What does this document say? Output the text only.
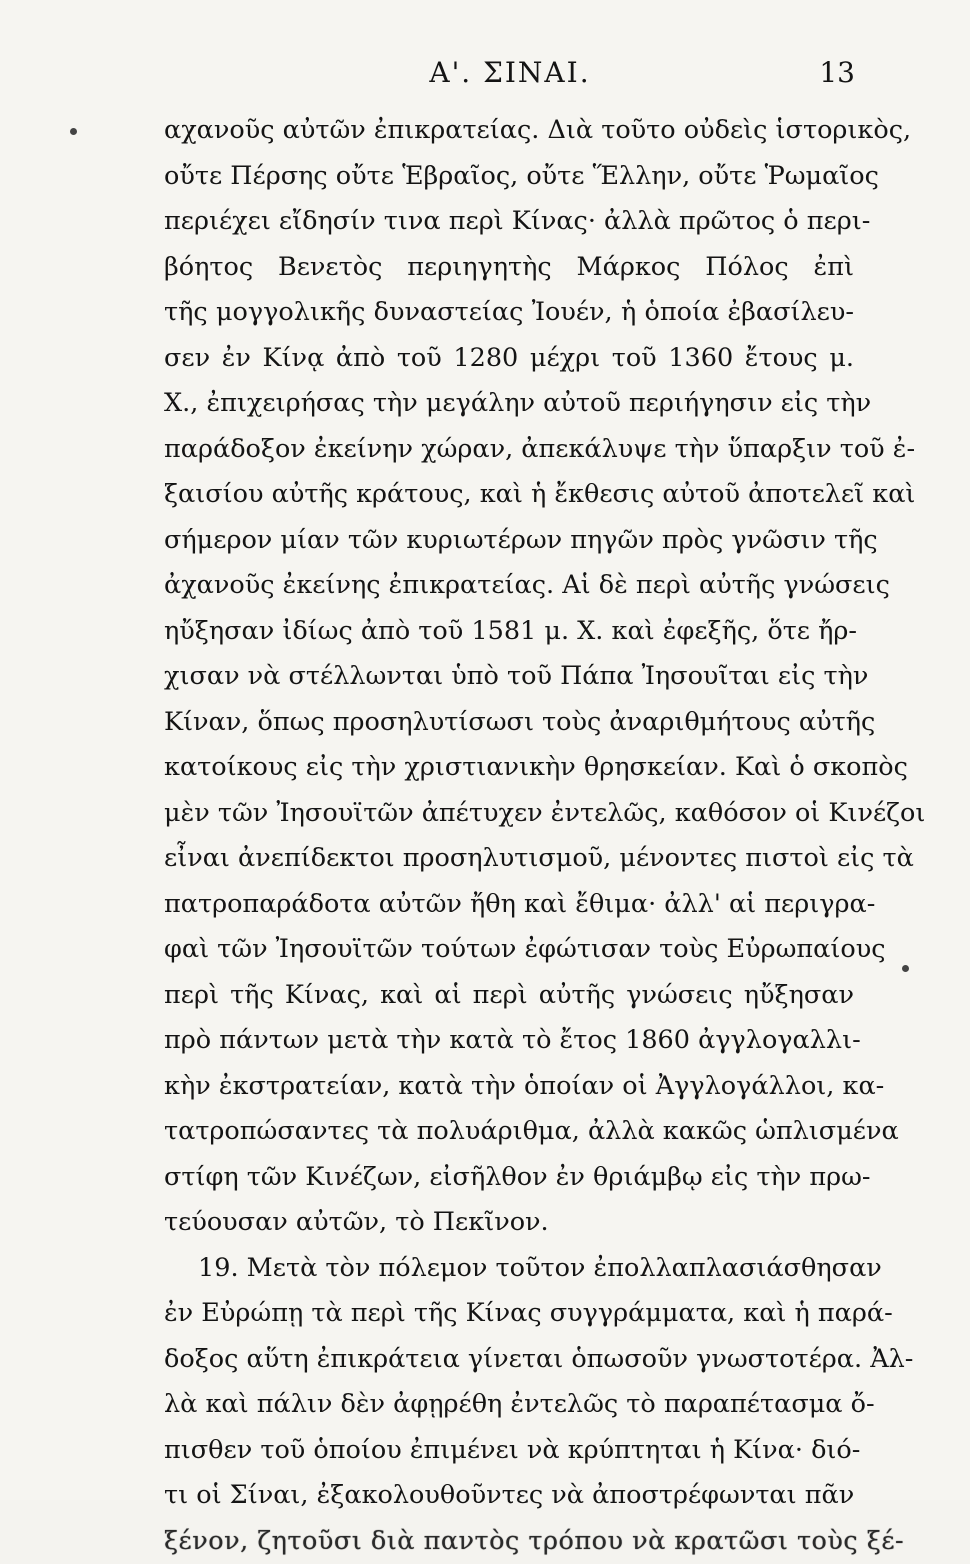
Α'. ΣΙΝΑΙ.	13
αχανοῦς αὐτῶν ἐπικρατείας. Διὰ τοῦτο οὐδεὶς ἱστορικὸς,
οὔτε Πέρσης οὔτε Ἑβραῖος, οὔτε Ἕλλην, οὔτε Ῥωμαῖος
περιέχει εἴδησίν τινα περὶ Κίνας· ἀλλὰ πρῶτος ὁ περι-
βόητος Βενετὸς περιηγητὴς Μάρκος Πόλος ἐπὶ
τῆς μογγολικῆς δυναστείας Ἰουέν, ἡ ὁποία ἐβασίλευ-
σεν ἐν Κίνᾳ ἀπὸ τοῦ 1280 μέχρι τοῦ 1360 ἔτους μ.
Χ., ἐπιχειρήσας τὴν μεγάλην αὐτοῦ περιήγησιν εἰς τὴν
παράδοξον ἐκείνην χώραν, ἀπεκάλυψε τὴν ὕπαρξιν τοῦ ἐ-
ξαισίου αὐτῆς κράτους, καὶ ἡ ἔκθεσις αὐτοῦ ἀποτελεῖ καὶ
σήμερον μίαν τῶν κυριωτέρων πηγῶν πρὸς γνῶσιν τῆς
ἀχανοῦς ἐκείνης ἐπικρατείας. Αἱ δὲ περὶ αὐτῆς γνώσεις
ηὔξησαν ἰδίως ἀπὸ τοῦ 1581 μ. Χ. καὶ ἐφεξῆς, ὅτε ἤρ-
χισαν νὰ στέλλωνται ὑπὸ τοῦ Πάπα Ἰησουῖται εἰς τὴν
Κίναν, ὅπως προσηλυτίσωσι τοὺς ἀναριθμήτους αὐτῆς
κατοίκους εἰς τὴν χριστιανικὴν θρησκείαν. Καὶ ὁ σκοπὸς
μὲν τῶν Ἰησουϊτῶν ἀπέτυχεν ἐντελῶς, καθόσον οἱ Κινέζοι
εἶναι ἀνεπίδεκτοι προσηλυτισμοῦ, μένοντες πιστοὶ εἰς τὰ
πατροπαράδοτα αὐτῶν ἤθη καὶ ἔθιμα· ἀλλ' αἱ περιγρα-
φαὶ τῶν Ἰησουϊτῶν τούτων ἐφώτισαν τοὺς Εὐρωπαίους
περὶ τῆς Κίνας, καὶ αἱ περὶ αὐτῆς γνώσεις ηὔξησαν
πρὸ πάντων μετὰ τὴν κατὰ τὸ ἔτος 1860 ἀγγλογαλλι-
κὴν ἐκστρατείαν, κατὰ τὴν ὁποίαν οἱ Ἀγγλογάλλοι, κα-
τατροπώσαντες τὰ πολυάριθμα, ἀλλὰ κακῶς ὡπλισμένα
στίφη τῶν Κινέζων, εἰσῆλθον ἐν θριάμβῳ εἰς τὴν πρω-
τεύουσαν αὐτῶν, τὸ Πεκῖνον.
19. Μετὰ τὸν πόλεμον τοῦτον ἐπολλαπλασιάσθησαν
ἐν Εὐρώπῃ τὰ περὶ τῆς Κίνας συγγράμματα, καὶ ἡ παρά-
δοξος αὕτη ἐπικράτεια γίνεται ὁπωσοῦν γνωστοτέρα. Ἀλ-
λὰ καὶ πάλιν δὲν ἀφῃρέθη ἐντελῶς τὸ παραπέτασμα ὄ-
πισθεν τοῦ ὁποίου ἐπιμένει νὰ κρύπτηται ἡ Κίνα· διό-
τι οἱ Σίναι, ἐξακολουθοῦντες νὰ ἀποστρέφωνται πᾶν
ξένον, ζητοῦσι διὰ παντὸς τρόπου νὰ κρατῶσι τοὺς ξέ-
